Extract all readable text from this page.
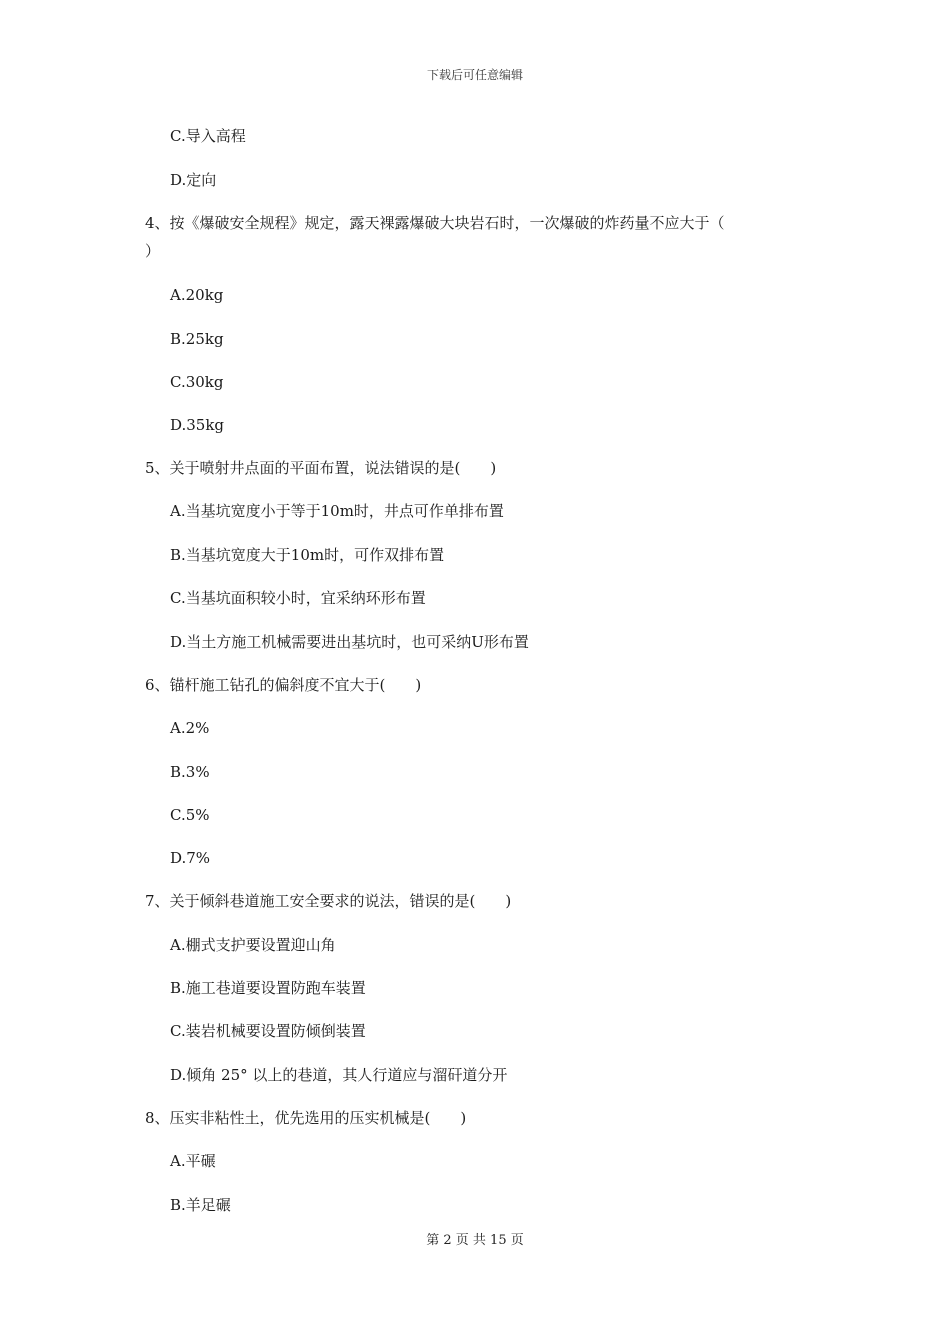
下载后可任意编辑
C.导入高程
D.定向
4、按《爆破安全规程》规定，露天裸露爆破大块岩石时，一次爆破的炸药量不应大于（
）
A.20kg
B.25kg
C.30kg
D.35kg
5、关于喷射井点面的平面布置，说法错误的是(　　)
A.当基坑宽度小于等于10m时，井点可作单排布置
B.当基坑宽度大于10m时，可作双排布置
C.当基坑面积较小时，宜采纳环形布置
D.当土方施工机械需要进出基坑时，也可采纳U形布置
6、锚杆施工钻孔的偏斜度不宜大于(　　)
A.2%
B.3%
C.5%
D.7%
7、关于倾斜巷道施工安全要求的说法，错误的是(　　)
A.棚式支护要设置迎山角
B.施工巷道要设置防跑车装置
C.装岩机械要设置防倾倒装置
D.倾角 25° 以上的巷道，其人行道应与溜矸道分开
8、压实非粘性土，优先选用的压实机械是(　　)
A.平碾
B.羊足碾
第 2 页 共 15 页
